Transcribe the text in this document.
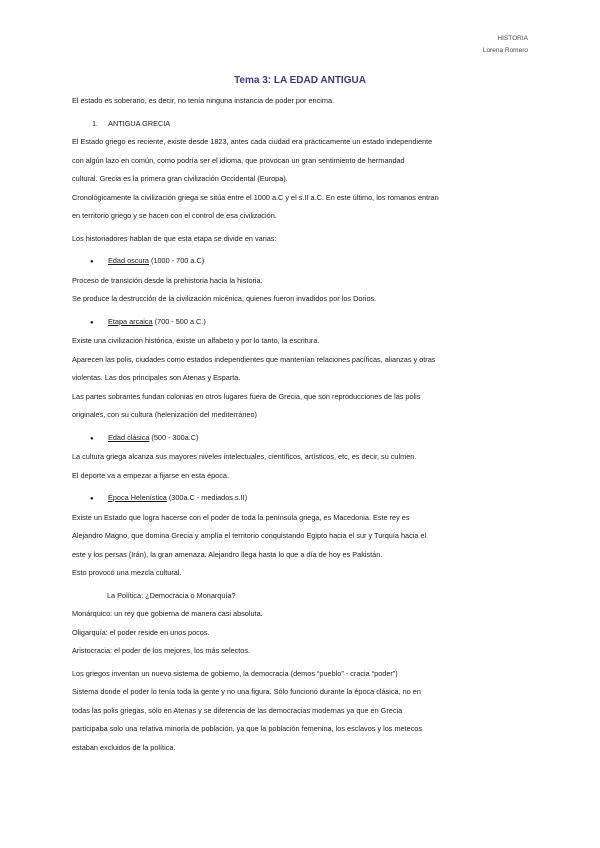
HISTORIA
Lorena Romero
Tema 3: LA EDAD ANTIGUA

El estado es soberano, es decir, no tenía ninguna instancia de poder por encima.

1. ANTIGUA GRECIA

El Estado griego es reciente, existe desde 1823, antes cada ciudad era prácticamente un estado independiente

con algún lazo en común, como podría ser el idioma, que provocan un gran sentimiento de hermandad

cultural. Grecia es la primera gran civilización Occidental (Europa).

Cronológicamente la civilización griega se sitúa entre el 1000 a.C y el s.II a.C. En este último, los romanos entran

en territorio griego y se hacen con el control de esa civilización.

Los historiadores hablan de que esta etapa se divide en varias:

●	Edad oscura (1000 - 700 a.C)

Proceso de transición desde la prehistoria hacia la historia.

Se produce la destrucción de la civilización micénica, quienes fueron invadidos por los Dorios.

●	Etapa arcaica (700 - 500 a.C.)

Existe una civilización histórica, existe un alfabeto y por lo tanto, la escritura.

Aparecen las polis, ciudades como estados independientes que mantenían relaciones pacíficas, alianzas y otras

violentas. Las dos principales son Atenas y Esparta.

Las partes sobrantes fundan colonias en otros lugares fuera de Grecia, que son reproducciones de las polis

originales, con su cultura (helenización del mediterráneo)

●	Edad clásica (500 - 300a.C)

La cultura griega alcanza sus mayores niveles intelectuales, científicos, artísticos, etc, es decir, su culmen.

El deporte va a empezar a fijarse en esta época.

●	Época Helenística (300a.C - mediados s.II)

Existe un Estado que logra hacerse con el poder de toda la península griega, es Macedonia. Este rey es

Alejandro Magno, que domina Grecia y amplía el territorio conquistando Egipto hacia el sur y Turquía hacia el

este y los persas (Irán), la gran amenaza. Alejandro llega hasta lo que a día de hoy es Pakistán.

Esto provocó una mezcla cultural.

La Política: ¿Democracia o Monarquía?

Monárquico: un rey que gobierna de manera casi absoluta.

Oligarquía: el poder reside en unos pocos.

Aristocracia: el poder de los mejores, los más selectos.

Los griegos inventan un nuevo sistema de gobierno, la democracia (demos “pueblo” - cracia “poder”)

Sistema donde el poder lo tenía toda la gente y no una figura. Sólo funcionó durante la época clásica, no en

todas las polis griegas, sólo en Atenas y se diferencia de las democracias modernas ya que en Grecia

participaba solo una relativa minoría de población, ya que la población femenina, los esclavos y los metecos

estaban excluidos de la política.
